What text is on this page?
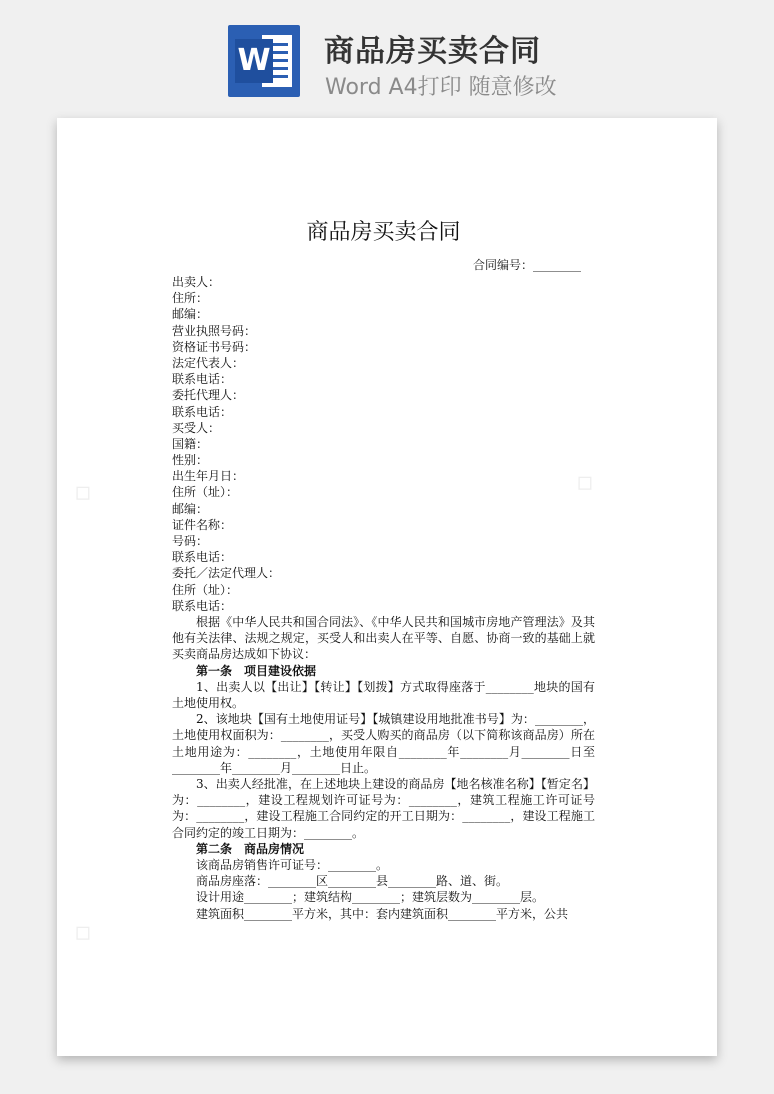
W 商品房买卖合同
Word A4打印 随意修改
◇	◇
◇
商品房买卖合同
合同编号：________
出卖人：
住所：
邮编：
营业执照号码：
资格证书号码：
法定代表人：
联系电话：
委托代理人：
联系电话：
买受人：
国籍：
性别：
出生年月日：
住所（址）：
邮编：
证件名称：
号码：
联系电话：
委托／法定代理人：
住所（址）：
联系电话：
根据《中华人民共和国合同法》、《中华人民共和国城市房地产管理法》及其他有关法律、法规之规定，买受人和出卖人在平等、自愿、协商一致的基础上就买卖商品房达成如下协议：
第一条　项目建设依据
1、出卖人以【出让】【转让】【划拨】方式取得座落于________地块的国有土地使用权。
2、该地块【国有土地使用证号】【城镇建设用地批准书号】为：________，土地使用权面积为：________，买受人购买的商品房（以下简称该商品房）所在土地用途为：________，土地使用年限自________年________月________日至________年________月________日止。
3、出卖人经批准，在上述地块上建设的商品房【地名核准名称】【暂定名】为：________，建设工程规划许可证号为：________，建筑工程施工许可证号为：________，建设工程施工合同约定的开工日期为：________，建设工程施工合同约定的竣工日期为：________。
第二条　商品房情况
该商品房销售许可证号：________。
商品房座落：________区________县________路、道、街。
设计用途________；建筑结构________；建筑层数为________层。
建筑面积________平方米，其中：套内建筑面积________平方米，公共
